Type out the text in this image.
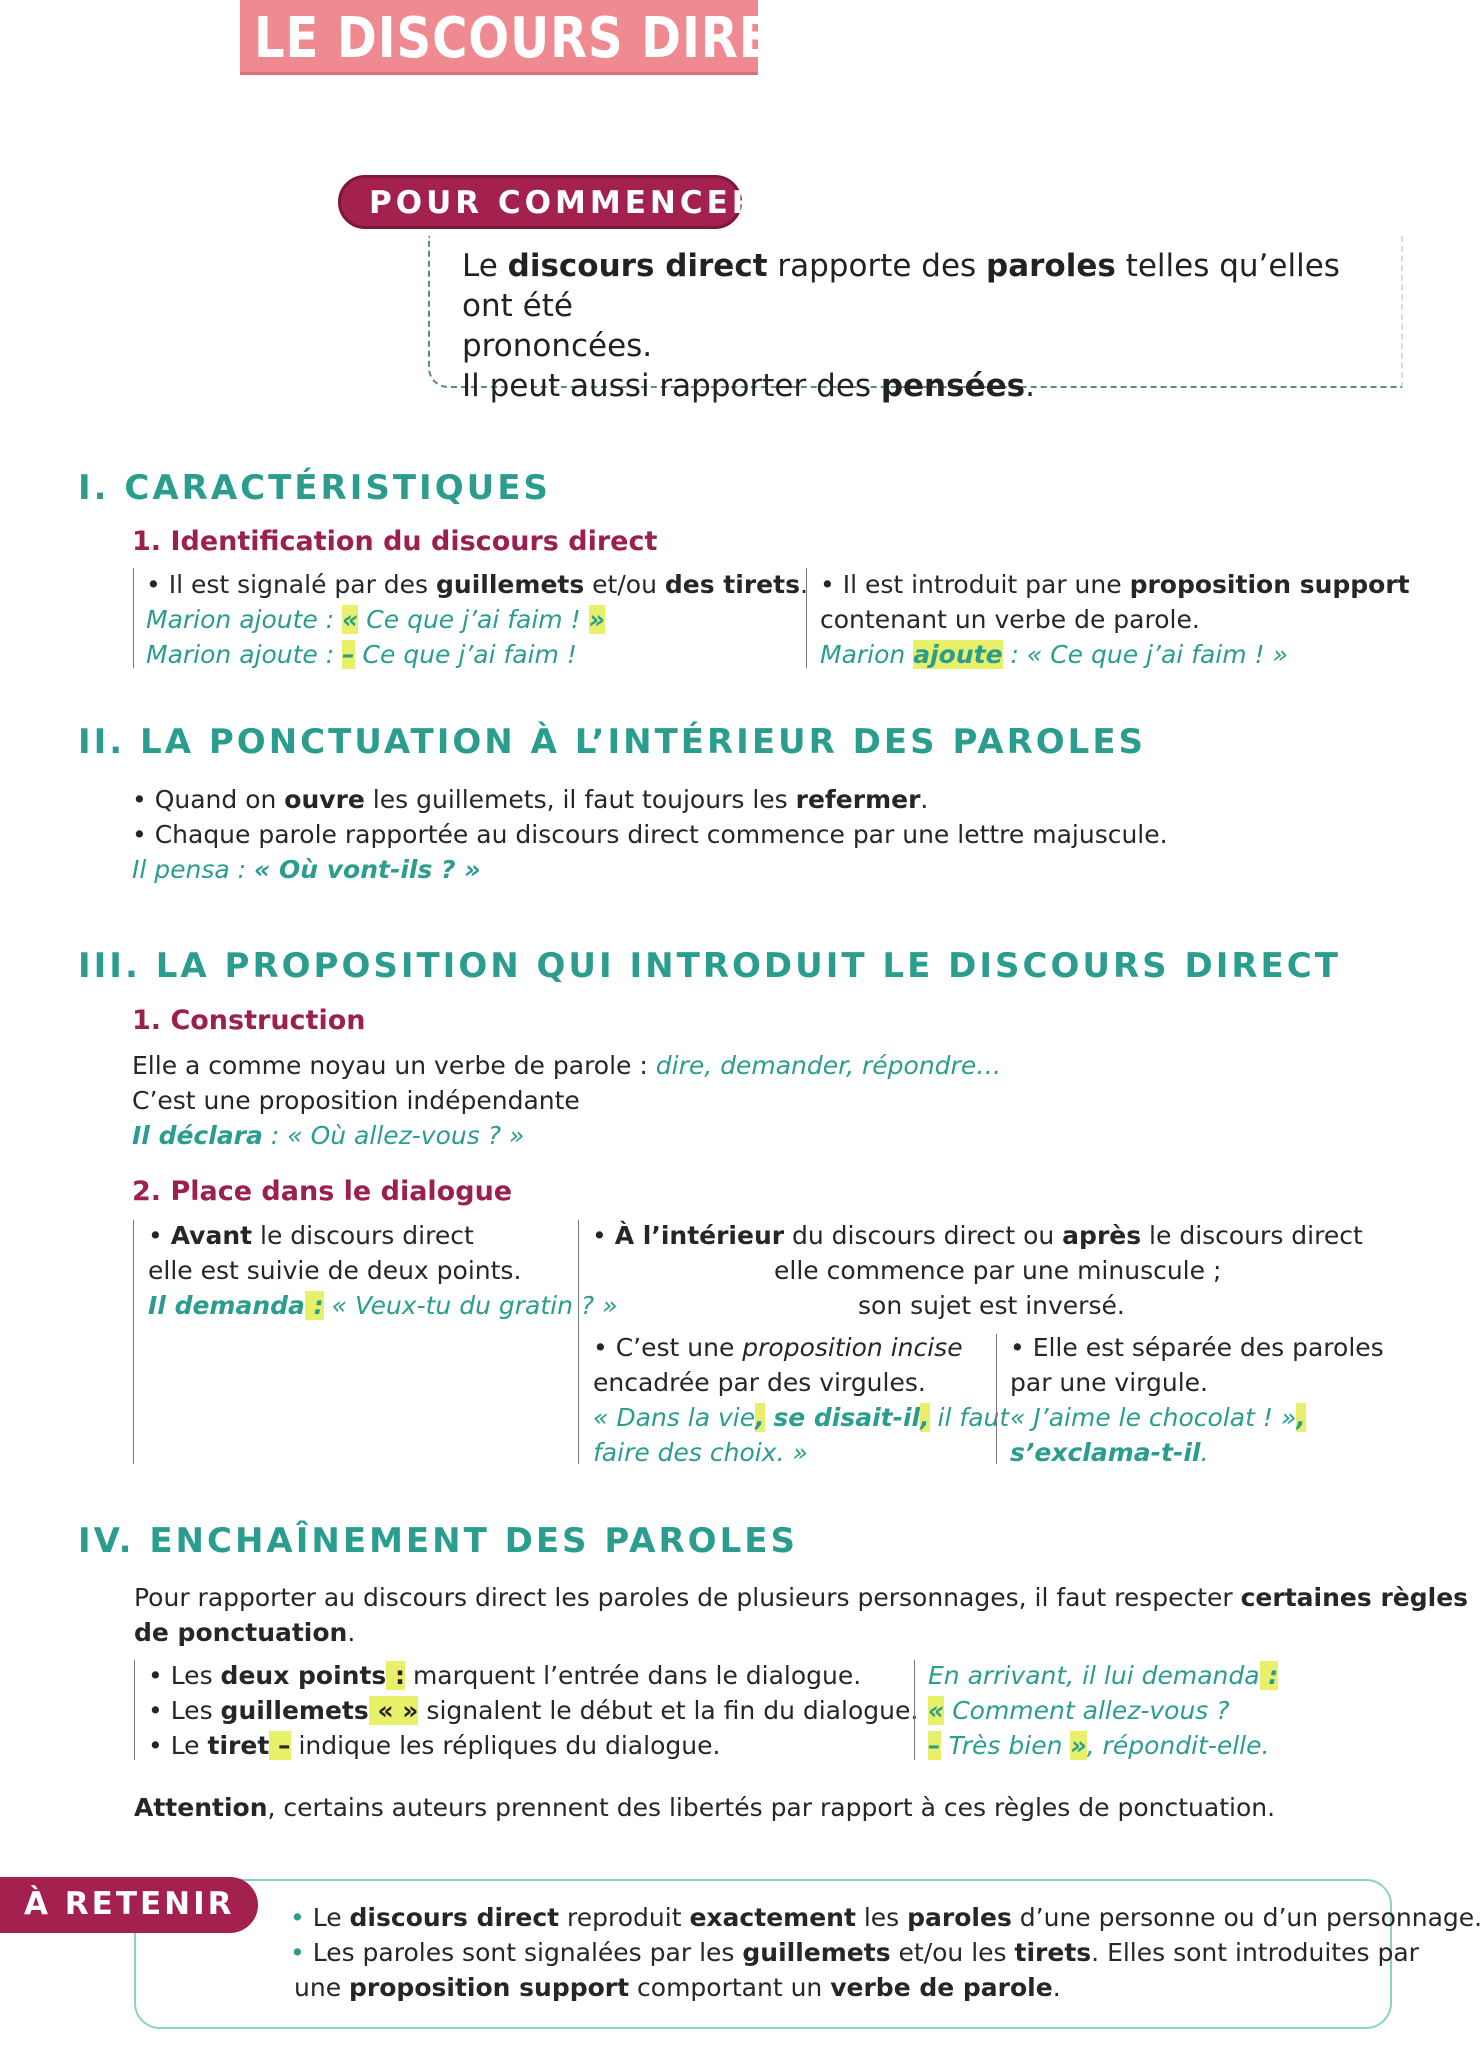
LE DISCOURS DIRECT
POUR COMMENCER
Le discours direct rapporte des paroles telles qu’elles ont été
prononcées.
Il peut aussi rapporter des pensées.
I. CARACTÉRISTIQUES
1. Identification du discours direct
• Il est signalé par des guillemets et/ou des tirets.
Marion ajoute : « Ce que j’ai faim ! »
Marion ajoute : – Ce que j’ai faim !
• Il est introduit par une proposition support
contenant un verbe de parole.
Marion ajoute : « Ce que j’ai faim ! »
II. LA PONCTUATION À L’INTÉRIEUR DES PAROLES
• Quand on ouvre les guillemets, il faut toujours les refermer.
• Chaque parole rapportée au discours direct commence par une lettre majuscule.
Il pensa : « Où vont-ils ? »
III. LA PROPOSITION QUI INTRODUIT LE DISCOURS DIRECT
1. Construction
Elle a comme noyau un verbe de parole : dire, demander, répondre…
C’est une proposition indépendante
Il déclara : « Où allez-vous ? »
2. Place dans le dialogue
• Avant le discours direct
elle est suivie de deux points.
Il demanda : « Veux-tu du gratin ? »
• À l’intérieur du discours direct ou après le discours direct
elle commence par une minuscule ;
son sujet est inversé.
• C’est une proposition incise
encadrée par des virgules.
« Dans la vie, se disait-il, il faut
faire des choix. »
• Elle est séparée des paroles
par une virgule.
« J’aime le chocolat ! »,
s’exclama-t-il.
IV. ENCHAÎNEMENT DES PAROLES
Pour rapporter au discours direct les paroles de plusieurs personnages, il faut respecter certaines règles
de ponctuation.
• Les deux points : marquent l’entrée dans le dialogue.
• Les guillemets « » signalent le début et la fin du dialogue.
• Le tiret – indique les répliques du dialogue.
En arrivant, il lui demanda :
« Comment allez-vous ?
– Très bien », répondit-elle.
Attention, certains auteurs prennent des libertés par rapport à ces règles de ponctuation.
À RETENIR • Le discours direct reproduit exactement les paroles d’une personne ou d’un personnage.
• Les paroles sont signalées par les guillemets et/ou les tirets. Elles sont introduites par
une proposition support comportant un verbe de parole.
